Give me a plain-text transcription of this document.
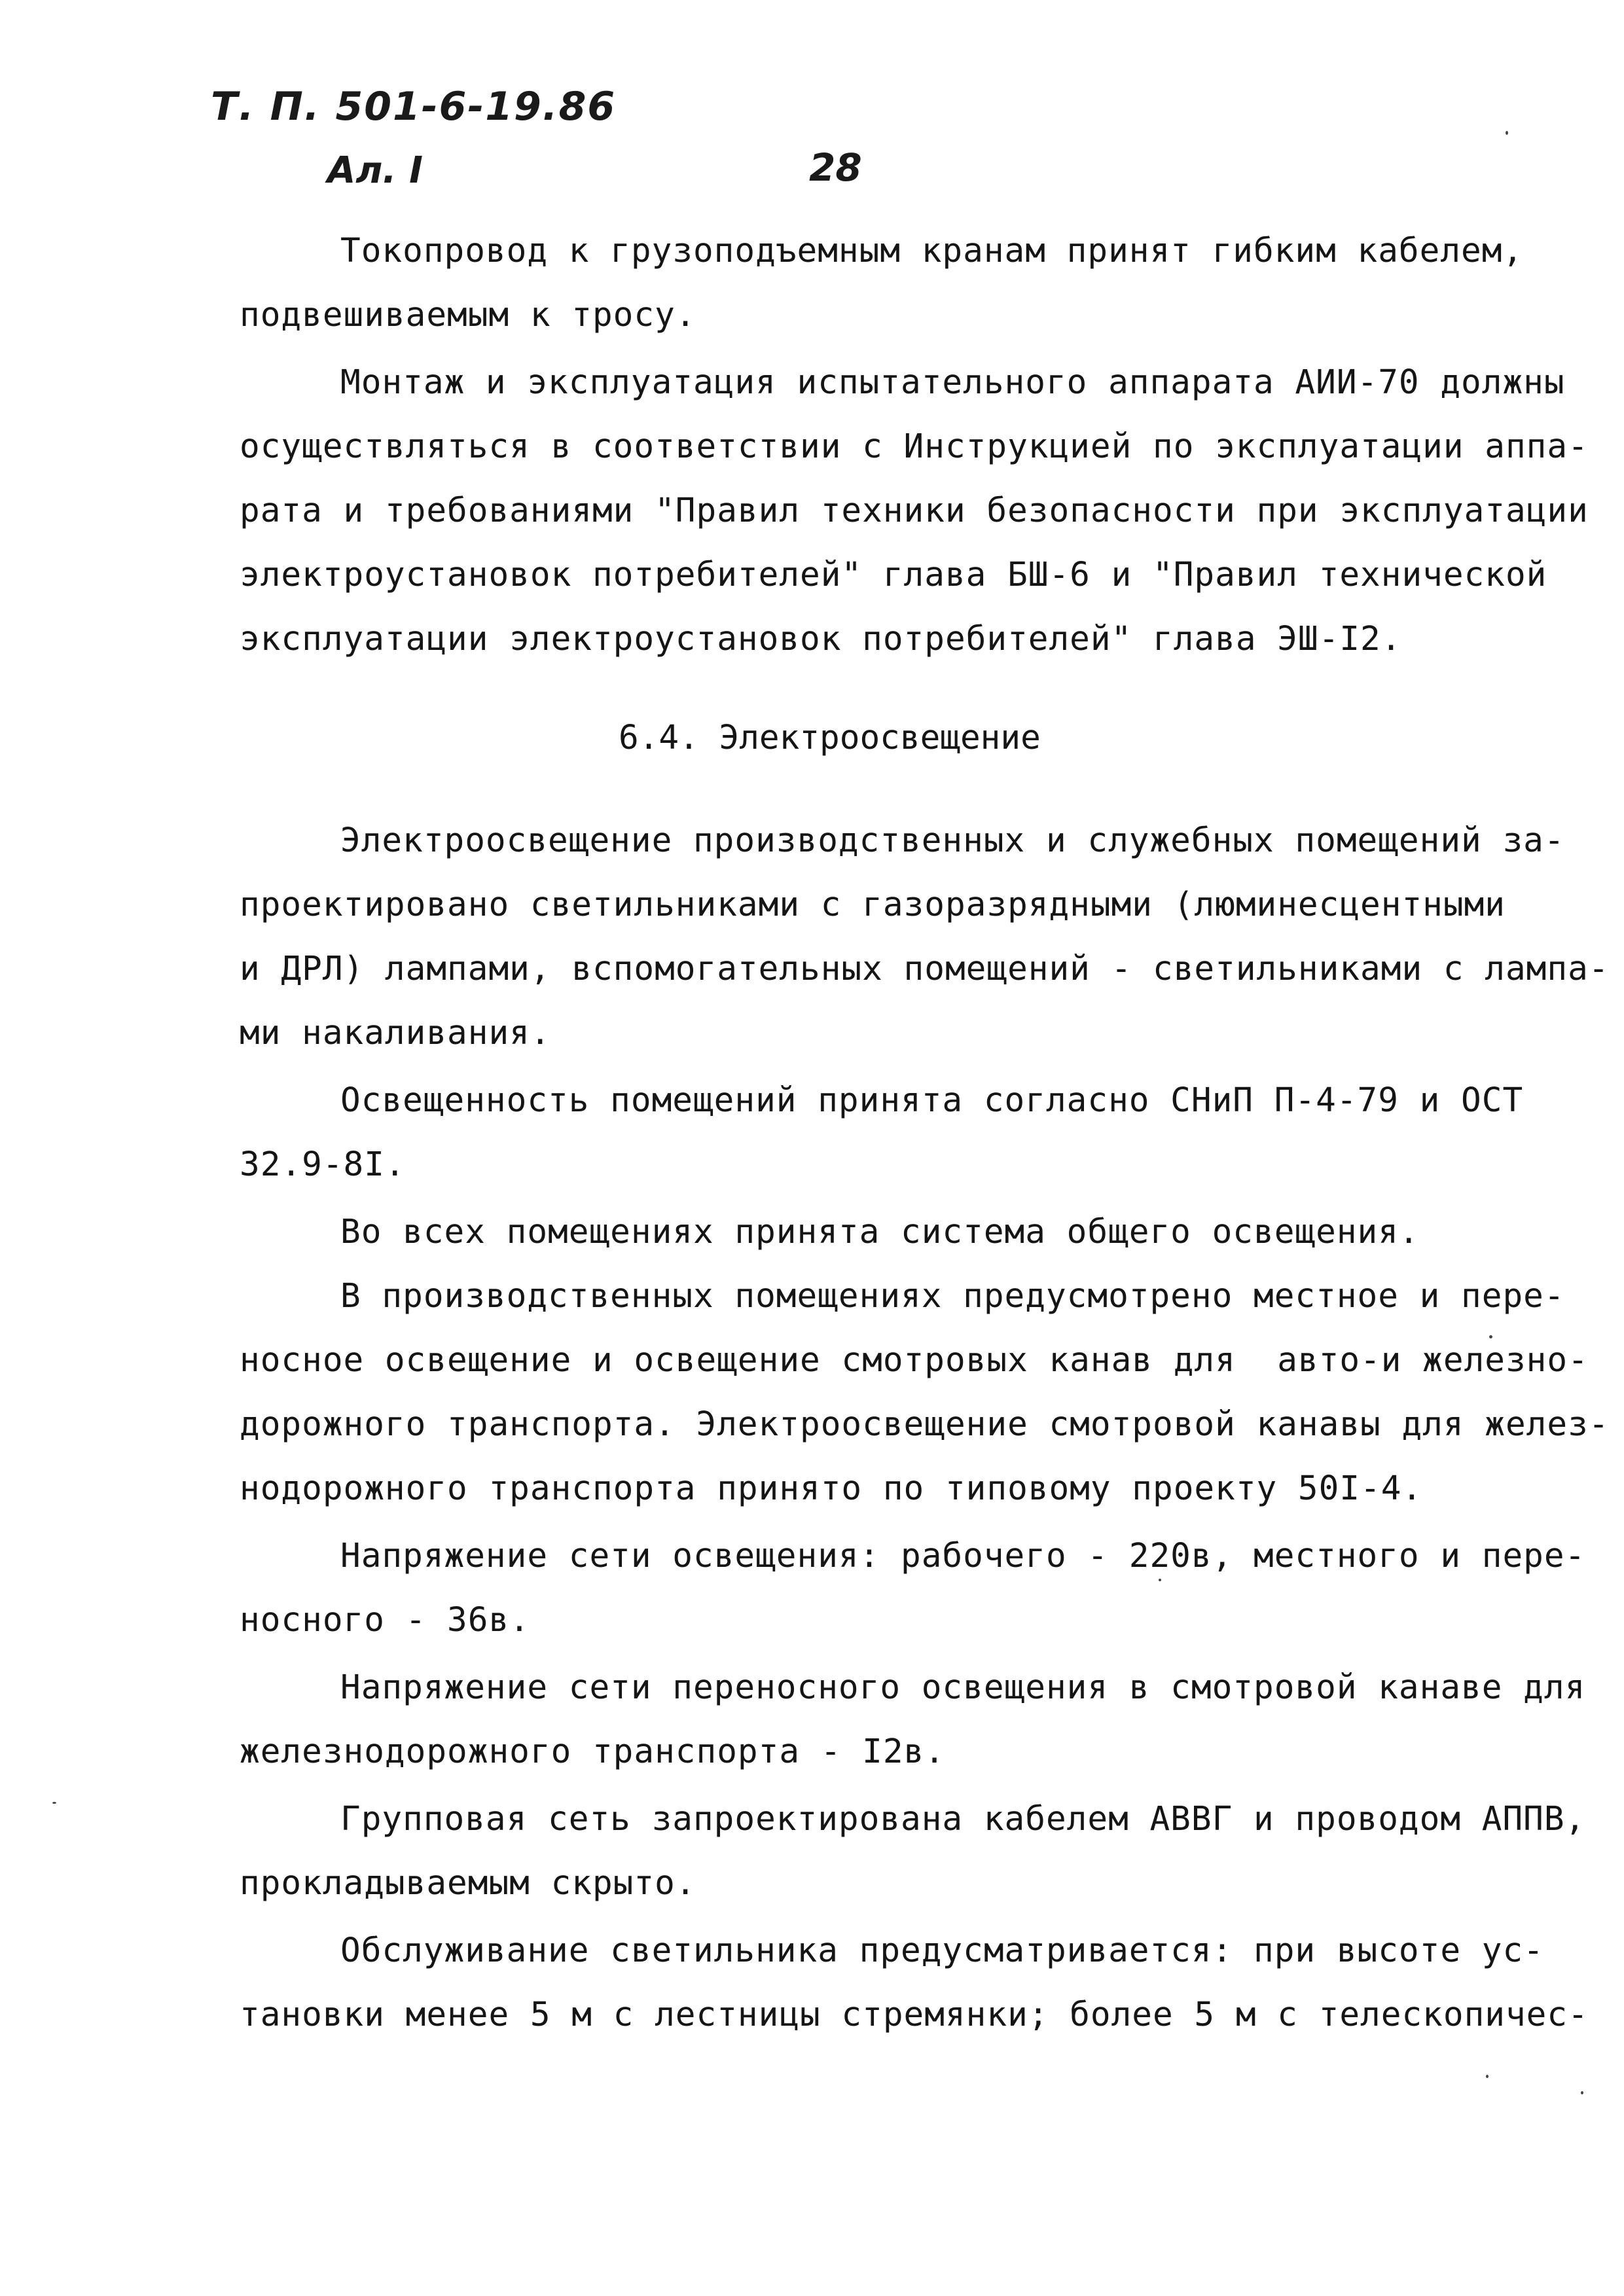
Т. П. 501-6-19.86
Ал. I	28
Токопровод к грузоподъемным кранам принят гибким кабелем,
подвешиваемым к тросу.
Монтаж и эксплуатация испытательного аппарата АИИ-70 должны
осуществляться в соответствии с Инструкцией по эксплуатации аппа-
рата и требованиями "Правил техники безопасности при эксплуатации
электроустановок потребителей" глава БШ-6 и "Правил технической
эксплуатации электроустановок потребителей" глава ЭШ-I2.
6.4. Электроосвещение
Электроосвещение производственных и служебных помещений за-
проектировано светильниками с газоразрядными (люминесцентными
и ДРЛ) лампами, вспомогательных помещений - светильниками с лампа-
ми накаливания.
Освещенность помещений принята согласно СНиП П-4-79 и ОСТ
32.9-8I.
Во всех помещениях принята система общего освещения.
В производственных помещениях предусмотрено местное и пере-
носное освещение и освещение смотровых канав для  авто-и железно-
дорожного транспорта. Электроосвещение смотровой канавы для желез-
нодорожного транспорта принято по типовому проекту 50I-4.
Напряжение сети освещения: рабочего - 220в, местного и пере-
носного - 36в.
Напряжение сети переносного освещения в смотровой канаве для
железнодорожного транспорта - I2в.
Групповая сеть запроектирована кабелем АВВГ и проводом АППВ,
прокладываемым скрыто.
Обслуживание светильника предусматривается: при высоте ус-
тановки менее 5 м с лестницы стремянки; более 5 м с телескопичес-
